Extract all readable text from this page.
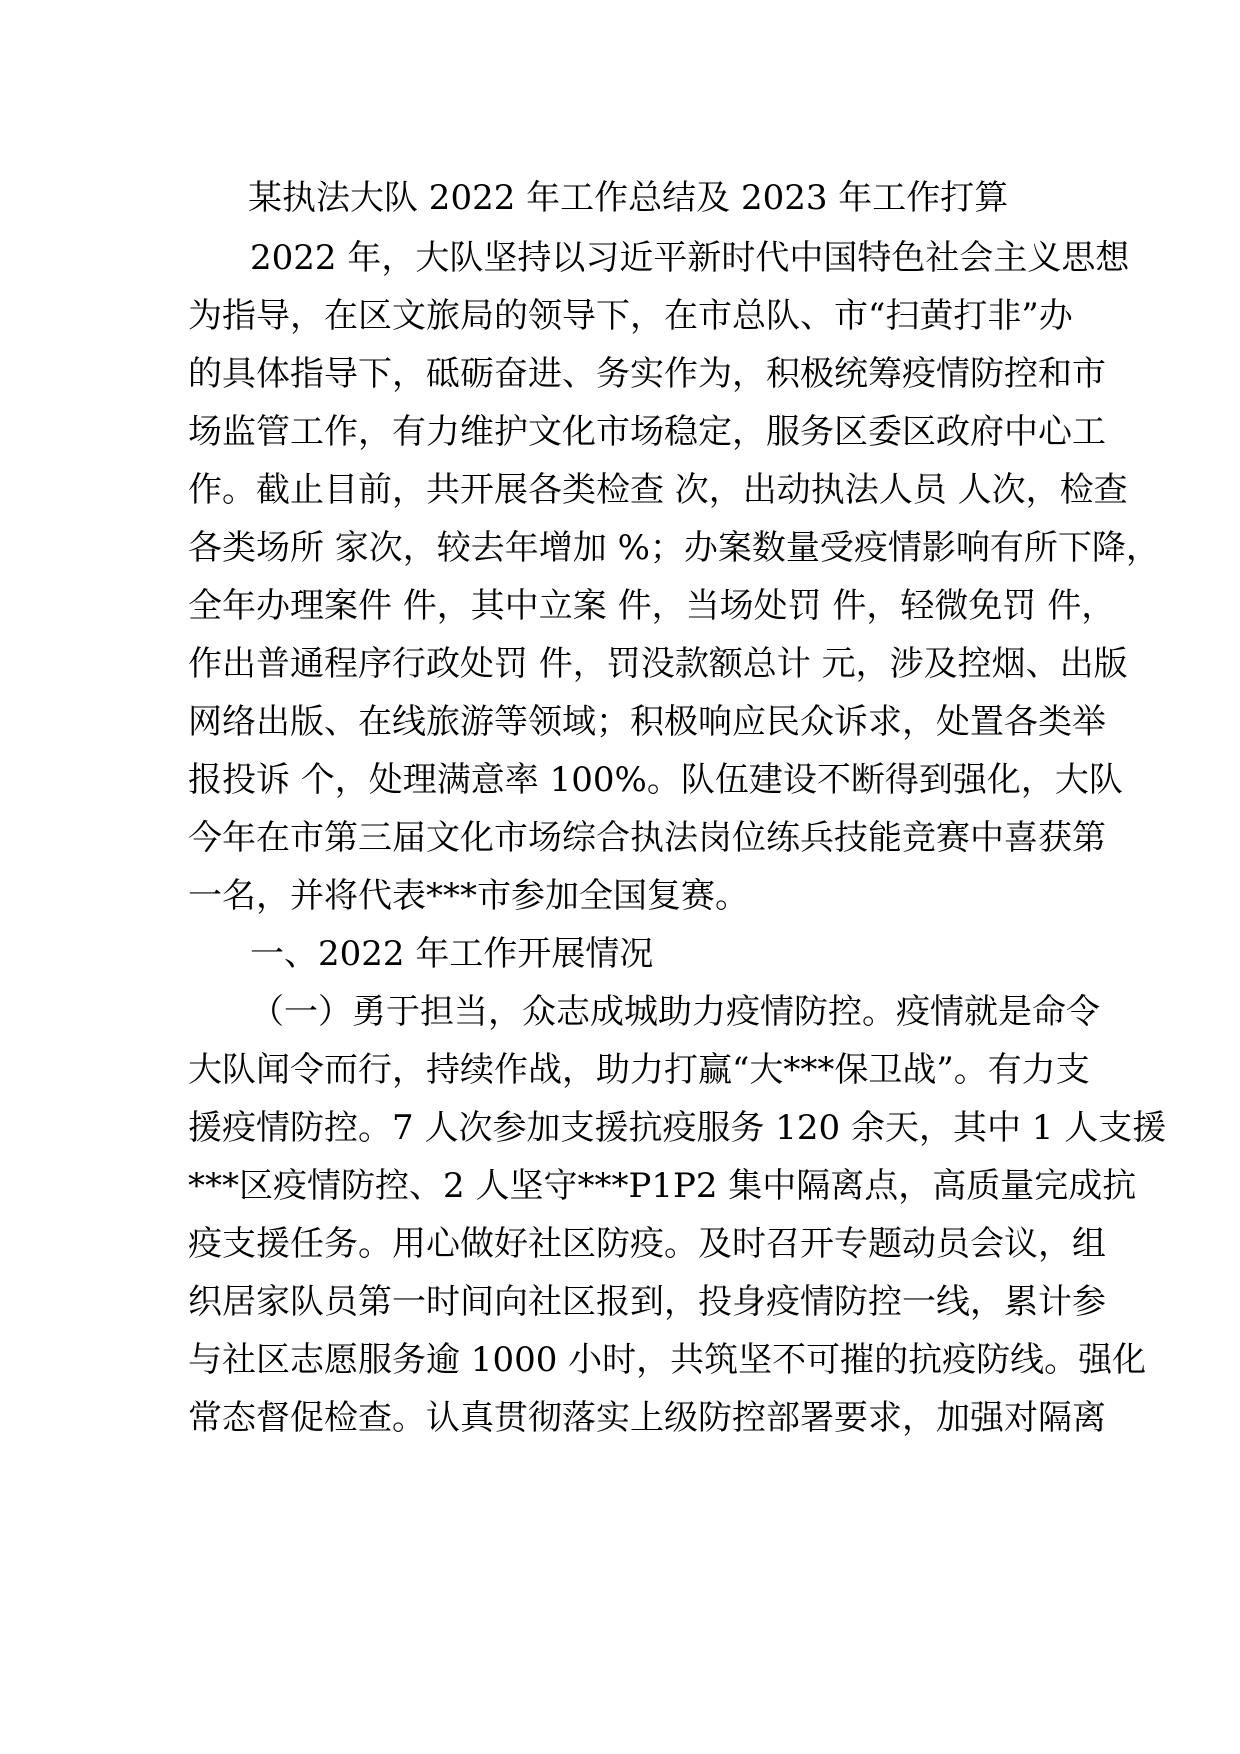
某执法大队 2022 年工作总结及 2023 年工作打算

2022 年，大队坚持以习近平新时代中国特色社会主义思想

为指导，在区文旅局的领导下，在市总队、市“扫黄打非”办

的具体指导下，砥砺奋进、务实作为，积极统筹疫情防控和市

场监管工作，有力维护文化市场稳定，服务区委区政府中心工

作。截止目前，共开展各类检查 次，出动执法人员 人次，检查

各类场所 家次，较去年增加 %；办案数量受疫情影响有所下降，

全年办理案件 件，其中立案 件，当场处罚 件，轻微免罚 件，

作出普通程序行政处罚 件，罚没款额总计 元，涉及控烟、出版

网络出版、在线旅游等领域；积极响应民众诉求，处置各类举

报投诉 个，处理满意率 100%。队伍建设不断得到强化，大队

今年在市第三届文化市场综合执法岗位练兵技能竞赛中喜获第

一名，并将代表***市参加全国复赛。

一、2022 年工作开展情况

（一）勇于担当，众志成城助力疫情防控。疫情就是命令

大队闻令而行，持续作战，助力打赢“大***保卫战”。有力支

援疫情防控。7 人次参加支援抗疫服务 120 余天，其中 1 人支援

***区疫情防控、2 人坚守***P1P2 集中隔离点，高质量完成抗

疫支援任务。用心做好社区防疫。及时召开专题动员会议，组

织居家队员第一时间向社区报到，投身疫情防控一线，累计参

与社区志愿服务逾 1000 小时，共筑坚不可摧的抗疫防线。强化

常态督促检查。认真贯彻落实上级防控部署要求，加强对隔离
